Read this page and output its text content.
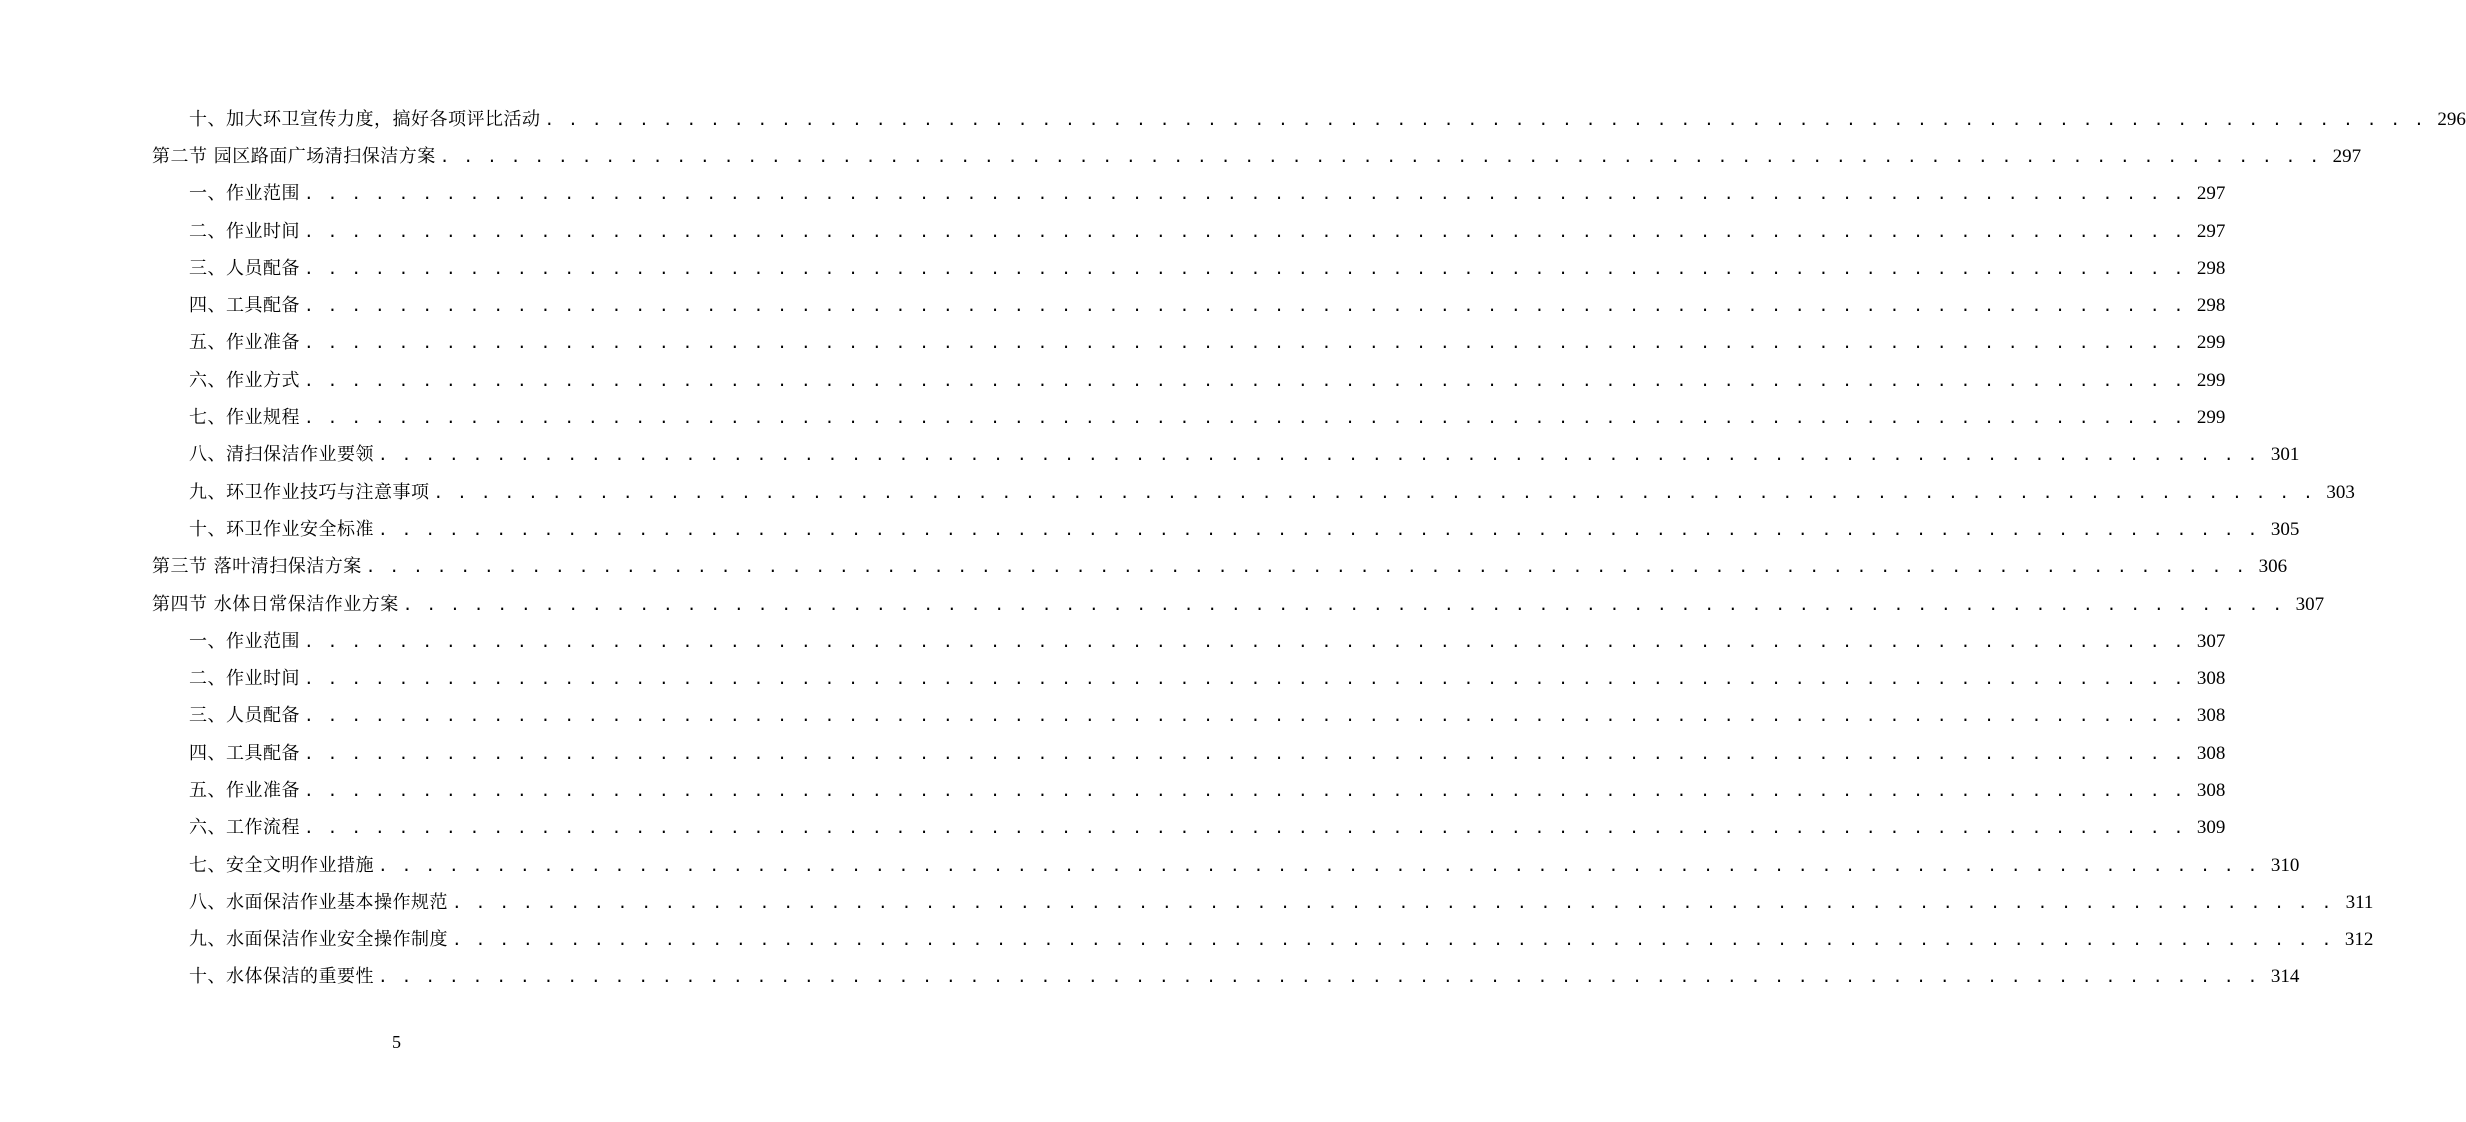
十、加大环卫宣传力度，搞好各项评比活动 . . . . . . . . . . . . . . . . . . . . . . . . . . . . . . . . . . . . . . . . . . . . . . . . . . . . . . . . . . . . . . . . . . . . . . . . . . . . . . . . 296
第二节 园区路面广场清扫保洁方案 . . . . . . . . . . . . . . . . . . . . . . . . . . . . . . . . . . . . . . . . . . . . . . . . . . . . . . . . . . . . . . . . . . . . . . . . . . . . . . . . 297
一、作业范围 . . . . . . . . . . . . . . . . . . . . . . . . . . . . . . . . . . . . . . . . . . . . . . . . . . . . . . . . . . . . . . . . . . . . . . . . . . . . . . . . 297
二、作业时间 . . . . . . . . . . . . . . . . . . . . . . . . . . . . . . . . . . . . . . . . . . . . . . . . . . . . . . . . . . . . . . . . . . . . . . . . . . . . . . . . 297
三、人员配备 . . . . . . . . . . . . . . . . . . . . . . . . . . . . . . . . . . . . . . . . . . . . . . . . . . . . . . . . . . . . . . . . . . . . . . . . . . . . . . . . 298
四、工具配备 . . . . . . . . . . . . . . . . . . . . . . . . . . . . . . . . . . . . . . . . . . . . . . . . . . . . . . . . . . . . . . . . . . . . . . . . . . . . . . . . 298
五、作业准备 . . . . . . . . . . . . . . . . . . . . . . . . . . . . . . . . . . . . . . . . . . . . . . . . . . . . . . . . . . . . . . . . . . . . . . . . . . . . . . . . 299
六、作业方式 . . . . . . . . . . . . . . . . . . . . . . . . . . . . . . . . . . . . . . . . . . . . . . . . . . . . . . . . . . . . . . . . . . . . . . . . . . . . . . . . 299
七、作业规程 . . . . . . . . . . . . . . . . . . . . . . . . . . . . . . . . . . . . . . . . . . . . . . . . . . . . . . . . . . . . . . . . . . . . . . . . . . . . . . . . 299
八、清扫保洁作业要领 . . . . . . . . . . . . . . . . . . . . . . . . . . . . . . . . . . . . . . . . . . . . . . . . . . . . . . . . . . . . . . . . . . . . . . . . . . . . . . . . 301
九、环卫作业技巧与注意事项 . . . . . . . . . . . . . . . . . . . . . . . . . . . . . . . . . . . . . . . . . . . . . . . . . . . . . . . . . . . . . . . . . . . . . . . . . . . . . . . . 303
十、环卫作业安全标准 . . . . . . . . . . . . . . . . . . . . . . . . . . . . . . . . . . . . . . . . . . . . . . . . . . . . . . . . . . . . . . . . . . . . . . . . . . . . . . . . 305
第三节 落叶清扫保洁方案 . . . . . . . . . . . . . . . . . . . . . . . . . . . . . . . . . . . . . . . . . . . . . . . . . . . . . . . . . . . . . . . . . . . . . . . . . . . . . . . . 306
第四节 水体日常保洁作业方案 . . . . . . . . . . . . . . . . . . . . . . . . . . . . . . . . . . . . . . . . . . . . . . . . . . . . . . . . . . . . . . . . . . . . . . . . . . . . . . . . 307
一、作业范围 . . . . . . . . . . . . . . . . . . . . . . . . . . . . . . . . . . . . . . . . . . . . . . . . . . . . . . . . . . . . . . . . . . . . . . . . . . . . . . . . 307
二、作业时间 . . . . . . . . . . . . . . . . . . . . . . . . . . . . . . . . . . . . . . . . . . . . . . . . . . . . . . . . . . . . . . . . . . . . . . . . . . . . . . . . 308
三、人员配备 . . . . . . . . . . . . . . . . . . . . . . . . . . . . . . . . . . . . . . . . . . . . . . . . . . . . . . . . . . . . . . . . . . . . . . . . . . . . . . . . 308
四、工具配备 . . . . . . . . . . . . . . . . . . . . . . . . . . . . . . . . . . . . . . . . . . . . . . . . . . . . . . . . . . . . . . . . . . . . . . . . . . . . . . . . 308
五、作业准备 . . . . . . . . . . . . . . . . . . . . . . . . . . . . . . . . . . . . . . . . . . . . . . . . . . . . . . . . . . . . . . . . . . . . . . . . . . . . . . . . 308
六、工作流程 . . . . . . . . . . . . . . . . . . . . . . . . . . . . . . . . . . . . . . . . . . . . . . . . . . . . . . . . . . . . . . . . . . . . . . . . . . . . . . . . 309
七、安全文明作业措施 . . . . . . . . . . . . . . . . . . . . . . . . . . . . . . . . . . . . . . . . . . . . . . . . . . . . . . . . . . . . . . . . . . . . . . . . . . . . . . . . 310
八、水面保洁作业基本操作规范 . . . . . . . . . . . . . . . . . . . . . . . . . . . . . . . . . . . . . . . . . . . . . . . . . . . . . . . . . . . . . . . . . . . . . . . . . . . . . . . . 311
九、水面保洁作业安全操作制度 . . . . . . . . . . . . . . . . . . . . . . . . . . . . . . . . . . . . . . . . . . . . . . . . . . . . . . . . . . . . . . . . . . . . . . . . . . . . . . . . 312
十、水体保洁的重要性 . . . . . . . . . . . . . . . . . . . . . . . . . . . . . . . . . . . . . . . . . . . . . . . . . . . . . . . . . . . . . . . . . . . . . . . . . . . . . . . . 314
5
